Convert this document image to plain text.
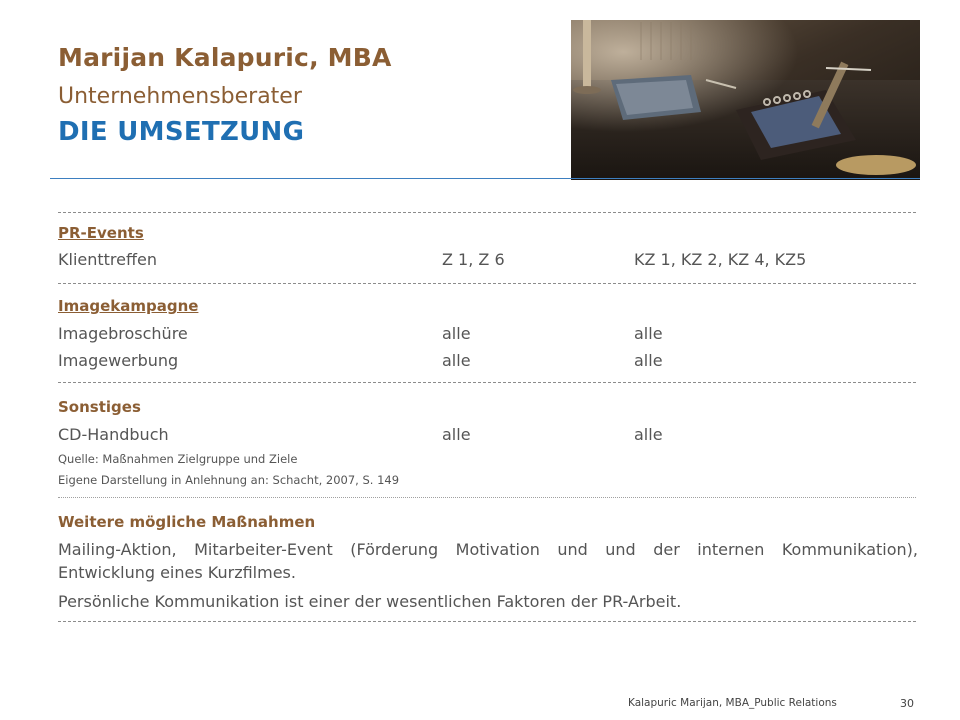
Marijan Kalapuric, MBA
Unternehmensberater
DIE UMSETZUNG
PR-Events
Klienttreffen	Z 1, Z 6	KZ 1, KZ 2, KZ 4, KZ5
Imagekampagne
Imagebroschüre	alle	alle
Imagewerbung	alle	alle
Sonstiges
CD-Handbuch	alle	alle
Quelle: Maßnahmen Zielgruppe und Ziele
Eigene Darstellung in Anlehnung an: Schacht, 2007, S. 149
Weitere mögliche Maßnahmen
Mailing-Aktion, Mitarbeiter-Event (Förderung Motivation und und der internen Kommunikation), Entwicklung eines Kurzfilmes.
Persönliche Kommunikation ist einer der wesentlichen Faktoren der PR-Arbeit.
Kalapuric Marijan, MBA_Public Relations	30
